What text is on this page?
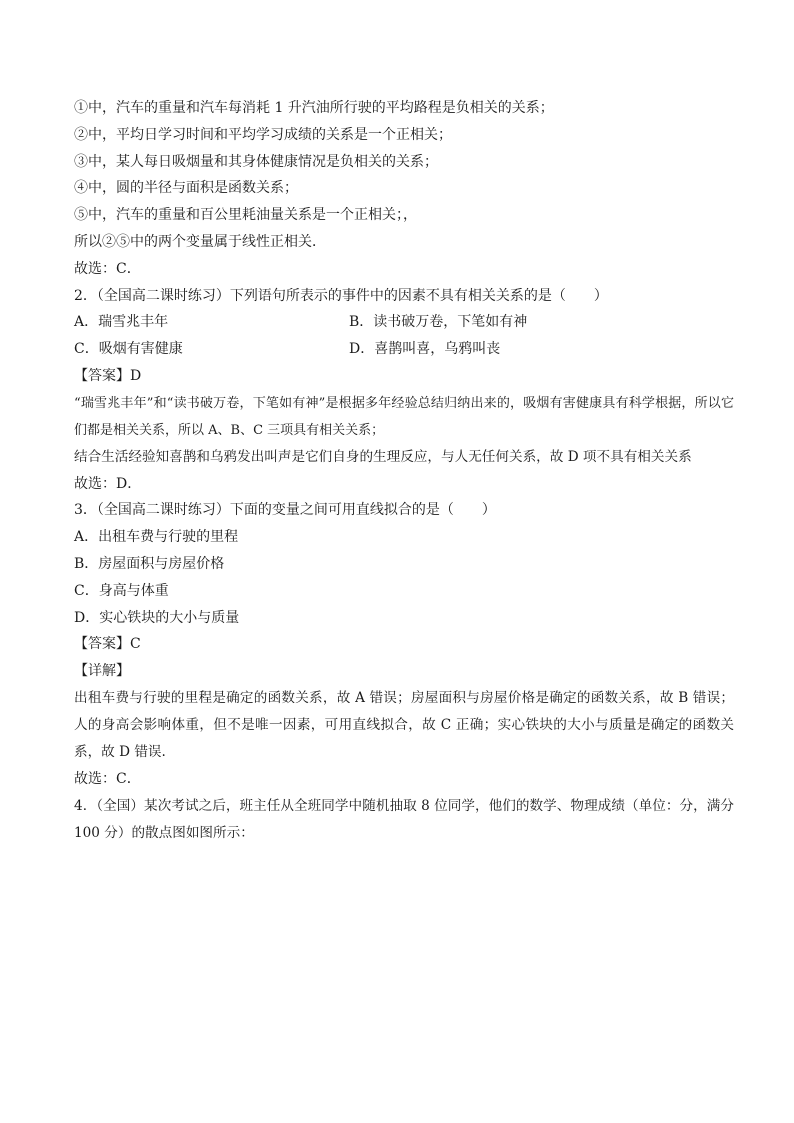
①中，汽车的重量和汽车每消耗 1 升汽油所行驶的平均路程是负相关的关系；
②中，平均日学习时间和平均学习成绩的关系是一个正相关；
③中，某人每日吸烟量和其身体健康情况是负相关的关系；
④中，圆的半径与面积是函数关系；
⑤中，汽车的重量和百公里耗油量关系是一个正相关；，
所以②⑤中的两个变量属于线性正相关．
故选：C．
2．（全国高二课时练习）下列语句所表示的事件中的因素不具有相关关系的是（　　）
A．瑞雪兆丰年	B．读书破万卷，下笔如有神
C．吸烟有害健康	D．喜鹊叫喜，乌鸦叫丧
【答案】D
“瑞雪兆丰年”和“读书破万卷，下笔如有神”是根据多年经验总结归纳出来的，吸烟有害健康具有科学根据，所以它们都是相关关系，所以 A、B、C 三项具有相关关系；
结合生活经验知喜鹊和乌鸦发出叫声是它们自身的生理反应，与人无任何关系，故 D 项不具有相关关系
故选：D．
3．（全国高二课时练习）下面的变量之间可用直线拟合的是（　　）
A．出租车费与行驶的里程
B．房屋面积与房屋价格
C．身高与体重
D．实心铁块的大小与质量
【答案】C
【详解】
出租车费与行驶的里程是确定的函数关系，故 A 错误；房屋面积与房屋价格是确定的函数关系，故 B 错误；人的身高会影响体重，但不是唯一因素，可用直线拟合，故 C 正确；实心铁块的大小与质量是确定的函数关系，故 D 错误.
故选：C．
4．（全国）某次考试之后，班主任从全班同学中随机抽取 8 位同学，他们的数学、物理成绩（单位：分，满分 100 分）的散点图如图所示：
